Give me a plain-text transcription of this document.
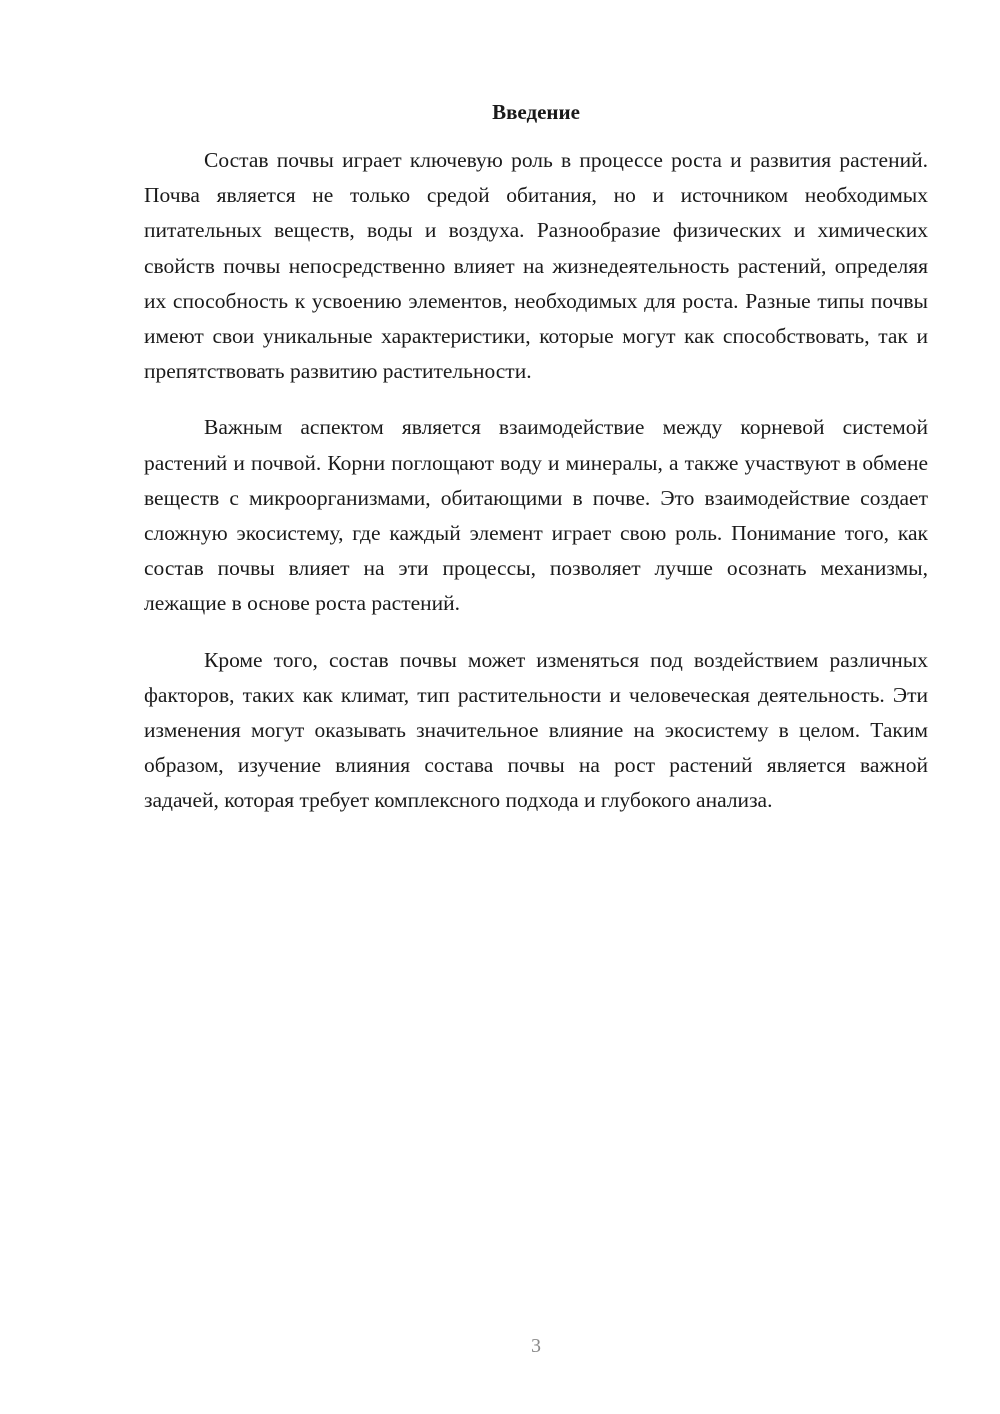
Введение

Состав почвы играет ключевую роль в процессе роста и развития растений. Почва является не только средой обитания, но и источником необходимых питательных веществ, воды и воздуха. Разнообразие физических и химических свойств почвы непосредственно влияет на жизнедеятельность растений, определяя их способность к усвоению элементов, необходимых для роста. Разные типы почвы имеют свои уникальные характеристики, которые могут как способствовать, так и препятствовать развитию растительности.

Важным аспектом является взаимодействие между корневой системой растений и почвой. Корни поглощают воду и минералы, а также участвуют в обмене веществ с микроорганизмами, обитающими в почве. Это взаимодействие создает сложную экосистему, где каждый элемент играет свою роль. Понимание того, как состав почвы влияет на эти процессы, позволяет лучше осознать механизмы, лежащие в основе роста растений.

Кроме того, состав почвы может изменяться под воздействием различных факторов, таких как климат, тип растительности и человеческая деятельность. Эти изменения могут оказывать значительное влияние на экосистему в целом. Таким образом, изучение влияния состава почвы на рост растений является важной задачей, которая требует комплексного подхода и глубокого анализа.

3
